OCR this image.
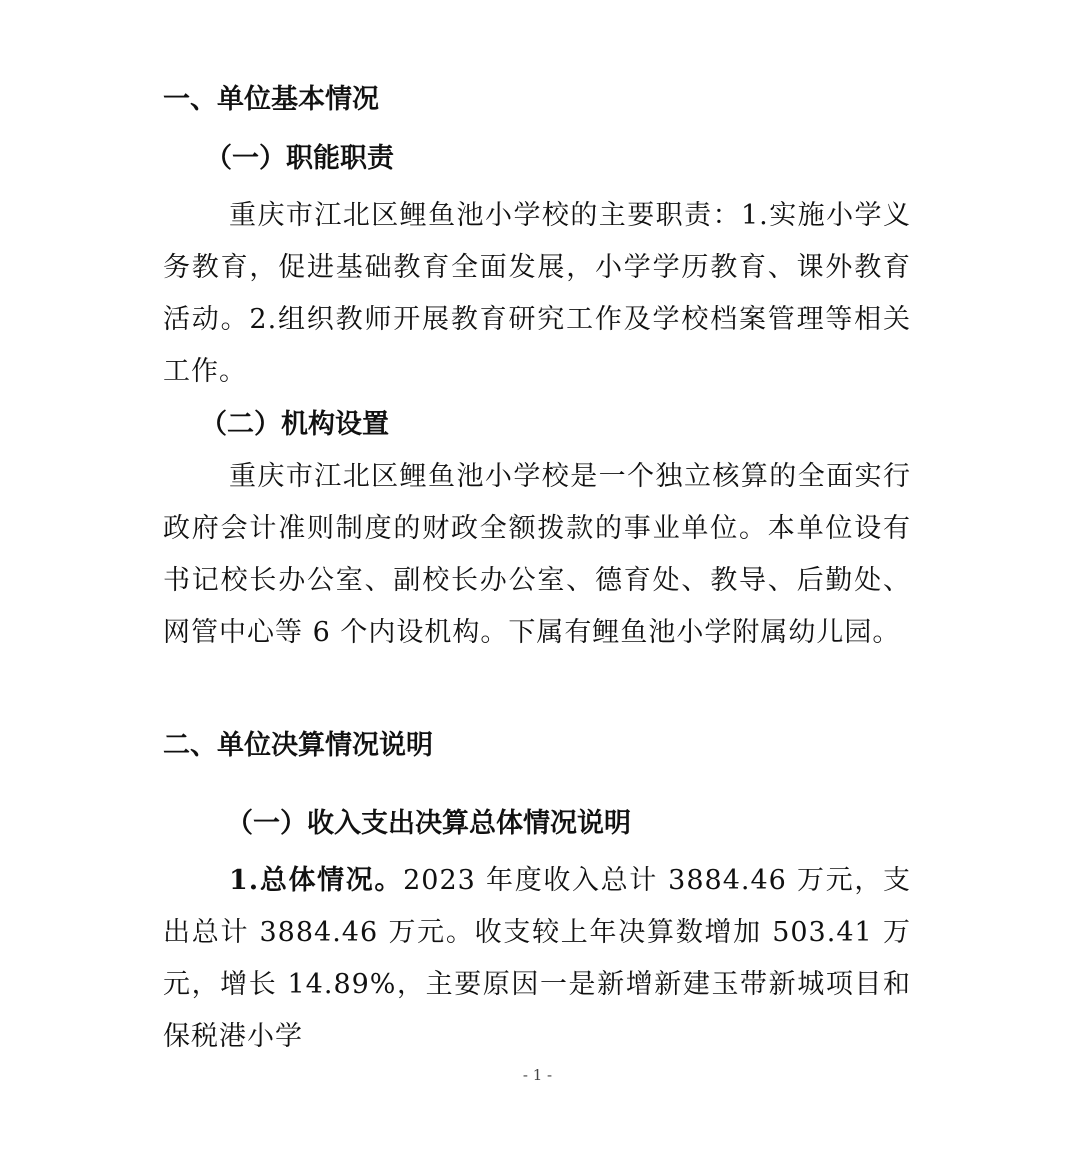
一、单位基本情况
（一）职能职责

重庆市江北区鲤鱼池小学校的主要职责：1.实施小学义务教育，促进基础教育全面发展，小学学历教育、课外教育活动。2.组织教师开展教育研究工作及学校档案管理等相关工作。

（二）机构设置

重庆市江北区鲤鱼池小学校是一个独立核算的全面实行政府会计准则制度的财政全额拨款的事业单位。本单位设有书记校长办公室、副校长办公室、德育处、教导、后勤处、网管中心等 6 个内设机构。下属有鲤鱼池小学附属幼儿园。

二、单位决算情况说明
（一）收入支出决算总体情况说明

1.总体情况。2023 年度收入总计 3884.46 万元，支出总计 3884.46 万元。收支较上年决算数增加 503.41 万元，增长 14.89%，主要原因一是新增新建玉带新城项目和保税港小学

- 1 -
